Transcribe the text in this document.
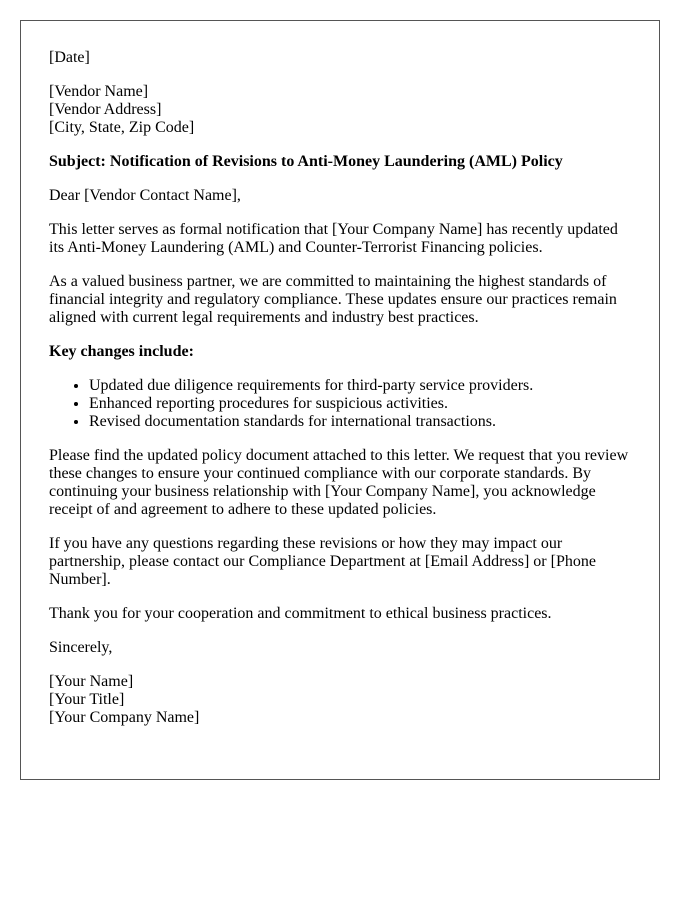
[Date]
[Vendor Name]
[Vendor Address]
[City, State, Zip Code]
Subject: Notification of Revisions to Anti-Money Laundering (AML) Policy
Dear [Vendor Contact Name],
This letter serves as formal notification that [Your Company Name] has recently updated its Anti-Money Laundering (AML) and Counter-Terrorist Financing policies.
As a valued business partner, we are committed to maintaining the highest standards of financial integrity and regulatory compliance. These updates ensure our practices remain aligned with current legal requirements and industry best practices.
Key changes include:
• Updated due diligence requirements for third-party service providers.
• Enhanced reporting procedures for suspicious activities.
• Revised documentation standards for international transactions.
Please find the updated policy document attached to this letter. We request that you review these changes to ensure your continued compliance with our corporate standards. By continuing your business relationship with [Your Company Name], you acknowledge receipt of and agreement to adhere to these updated policies.
If you have any questions regarding these revisions or how they may impact our partnership, please contact our Compliance Department at [Email Address] or [Phone Number].
Thank you for your cooperation and commitment to ethical business practices.
Sincerely,
[Your Name]
[Your Title]
[Your Company Name]
